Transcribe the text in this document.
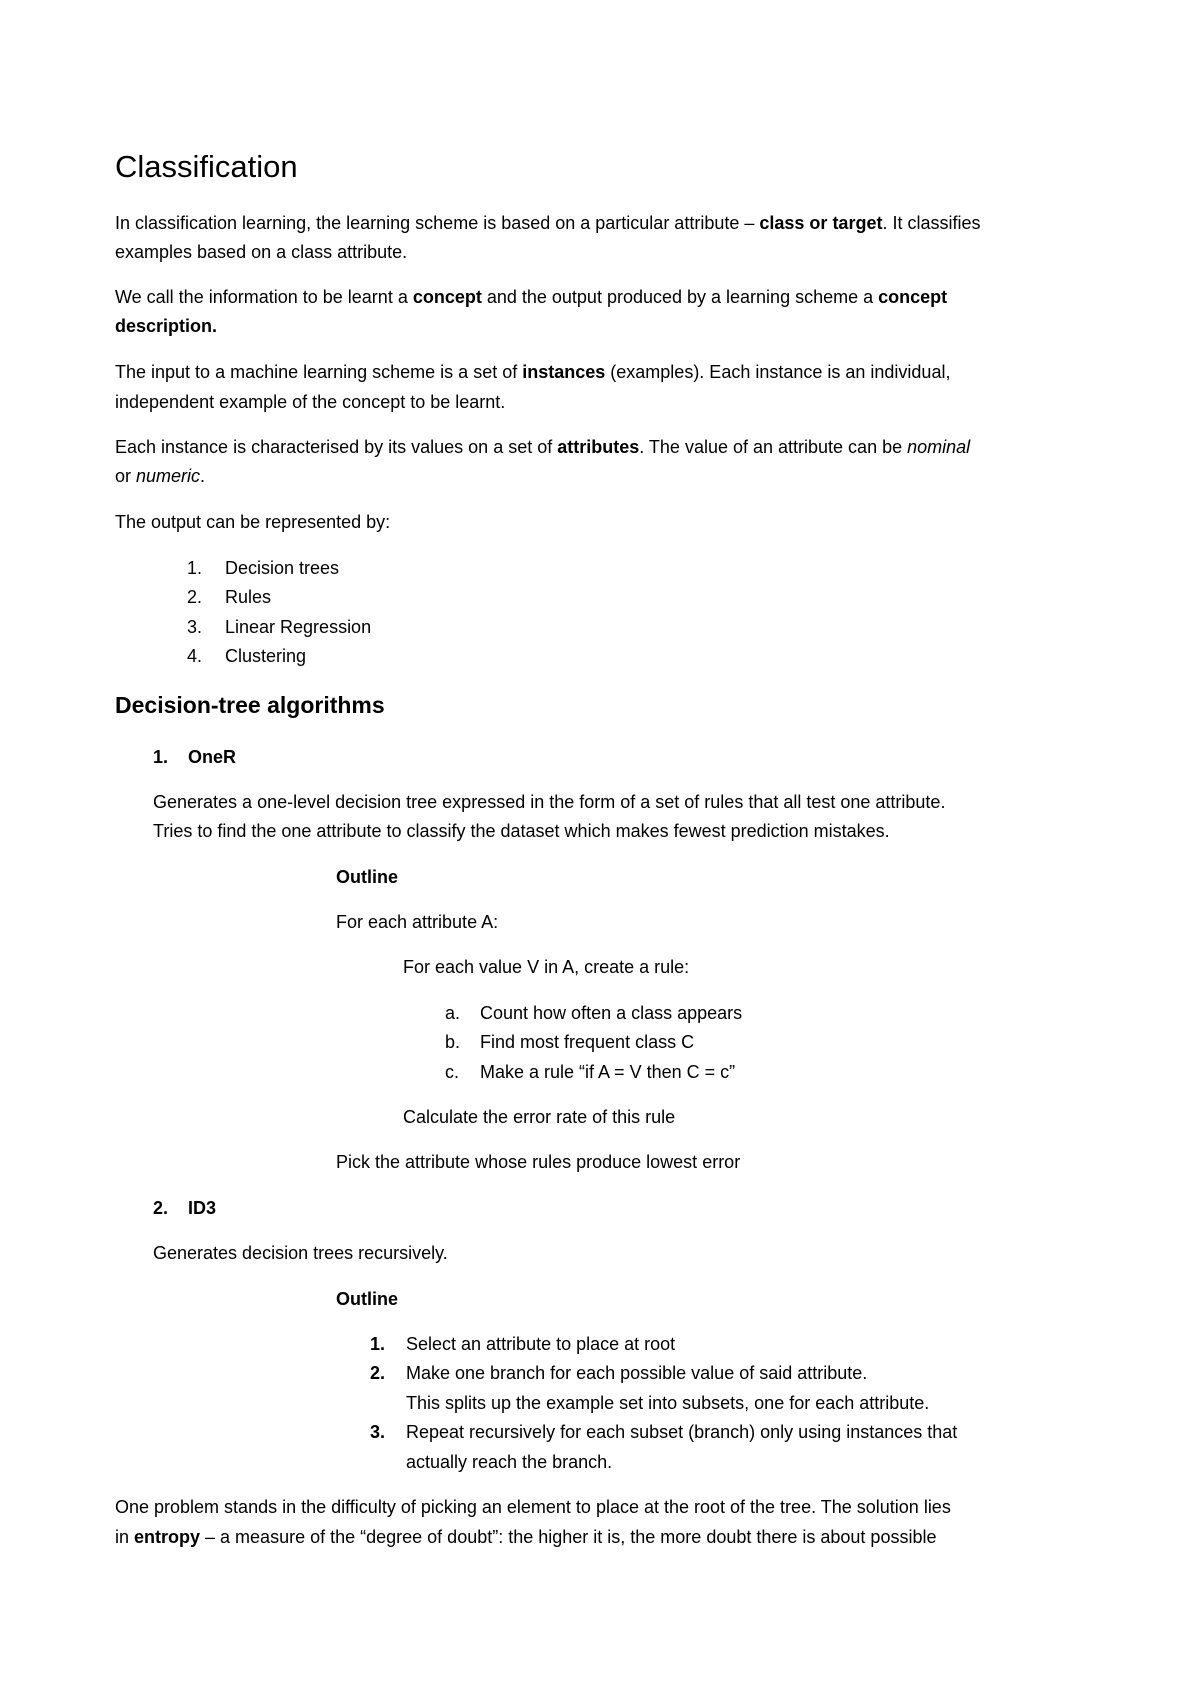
Classification
In classification learning, the learning scheme is based on a particular attribute – class or target. It classifies
examples based on a class attribute.
We call the information to be learnt a concept and the output produced by a learning scheme a concept
description.
The input to a machine learning scheme is a set of instances (examples). Each instance is an individual,
independent example of the concept to be learnt.
Each instance is characterised by its values on a set of attributes. The value of an attribute can be nominal
or numeric.
The output can be represented by:
1. Decision trees
2. Rules
3. Linear Regression
4. Clustering
Decision-tree algorithms
1. OneR
Generates a one-level decision tree expressed in the form of a set of rules that all test one attribute.
Tries to find the one attribute to classify the dataset which makes fewest prediction mistakes.
Outline
For each attribute A:
For each value V in A, create a rule:
a. Count how often a class appears
b. Find most frequent class C
c. Make a rule “if A = V then C = c”
Calculate the error rate of this rule
Pick the attribute whose rules produce lowest error
2. ID3
Generates decision trees recursively.
Outline
1. Select an attribute to place at root
2. Make one branch for each possible value of said attribute.
This splits up the example set into subsets, one for each attribute.
3. Repeat recursively for each subset (branch) only using instances that
actually reach the branch.
One problem stands in the difficulty of picking an element to place at the root of the tree. The solution lies
in entropy – a measure of the “degree of doubt”: the higher it is, the more doubt there is about possible
